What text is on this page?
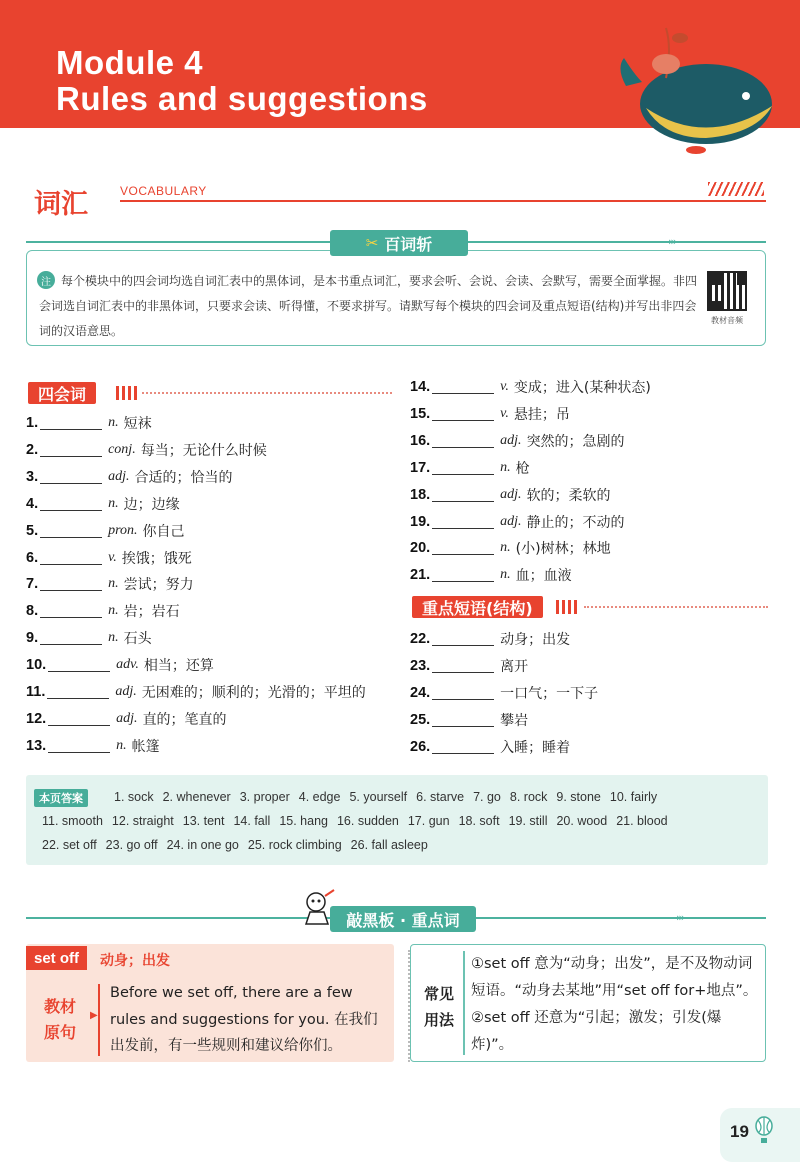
Module 4
Rules and suggestions
词汇	VOCABULARY
注 每个模块中的四会词均选自词汇表中的黑体词，是本书重点词汇，要求会听、会说、会读、会默写，需要全面掌握。非四会词选自词汇表中的非黑体词，只要求会读、听得懂，不要求拼写。请默写每个模块的四会词及重点短语(结构)并写出非四会词的汉语意思。
教材音频
✂ 百词斩	›››
四会词
1.	n. 短袜
2.	conj. 每当；无论什么时候
3.	adj. 合适的；恰当的
4.	n. 边；边缘
5.	pron. 你自己
6.	v. 挨饿；饿死
7.	n. 尝试；努力
8.	n. 岩；岩石
9.	n. 石头
10.	adv. 相当；还算
11.	adj. 无困难的；顺利的；光滑的；平坦的
12.	adj. 直的；笔直的
13.	n. 帐篷
14.	v. 变成；进入(某种状态)
15.	v. 悬挂；吊
16.	adj. 突然的；急剧的
17.	n. 枪
18.	adj. 软的；柔软的
19.	adj. 静止的；不动的
20.	n. (小)树林；林地
21.	n. 血；血液
重点短语(结构)
22.	动身；出发
23.	离开
24.	一口气；一下子
25.	攀岩
26.	入睡；睡着
本页答案	1. sock 2. whenever 3. proper 4. edge 5. yourself 6. starve 7. go 8. rock 9. stone 10. fairly
11. smooth 12. straight 13. tent 14. fall 15. hang 16. sudden 17. gun 18. soft 19. still 20. wood 21. blood
22. set off 23. go off 24. in one go 25. rock climbing 26. fall asleep
敲黑板 · 重点词	›››
set off	动身；出发
教材原句
▶
Before we set off, there are a few rules and suggestions for you. 在我们出发前，有一些规则和建议给你们。
常见用法
①set off 意为“动身；出发”，是不及物动词短语。“动身去某地”用“set off for+地点”。
②set off 还意为“引起；激发；引发(爆炸)”。
19
